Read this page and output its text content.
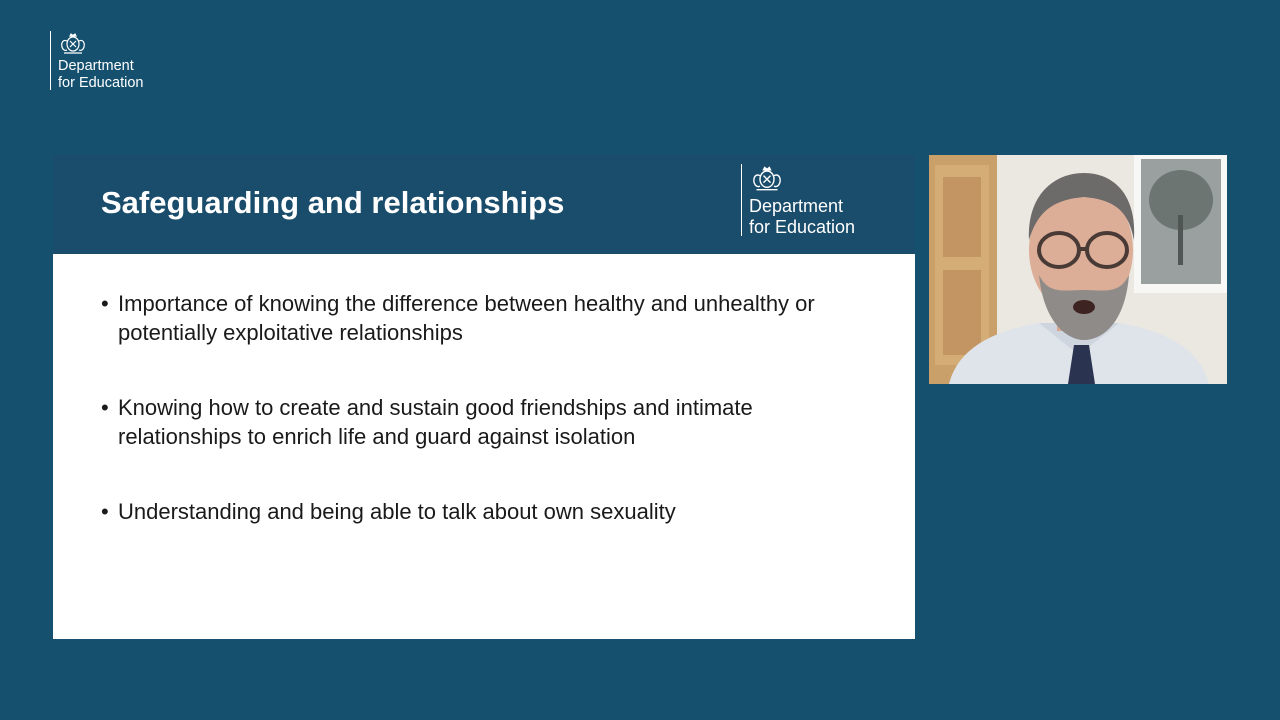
Department
for Education
Safeguarding and relationships	Department
for Education
• Importance of knowing the difference between healthy and unhealthy or potentially exploitative relationships
• Knowing how to create and sustain good friendships and intimate relationships to enrich life and guard against isolation
• Understanding and being able to talk about own sexuality
